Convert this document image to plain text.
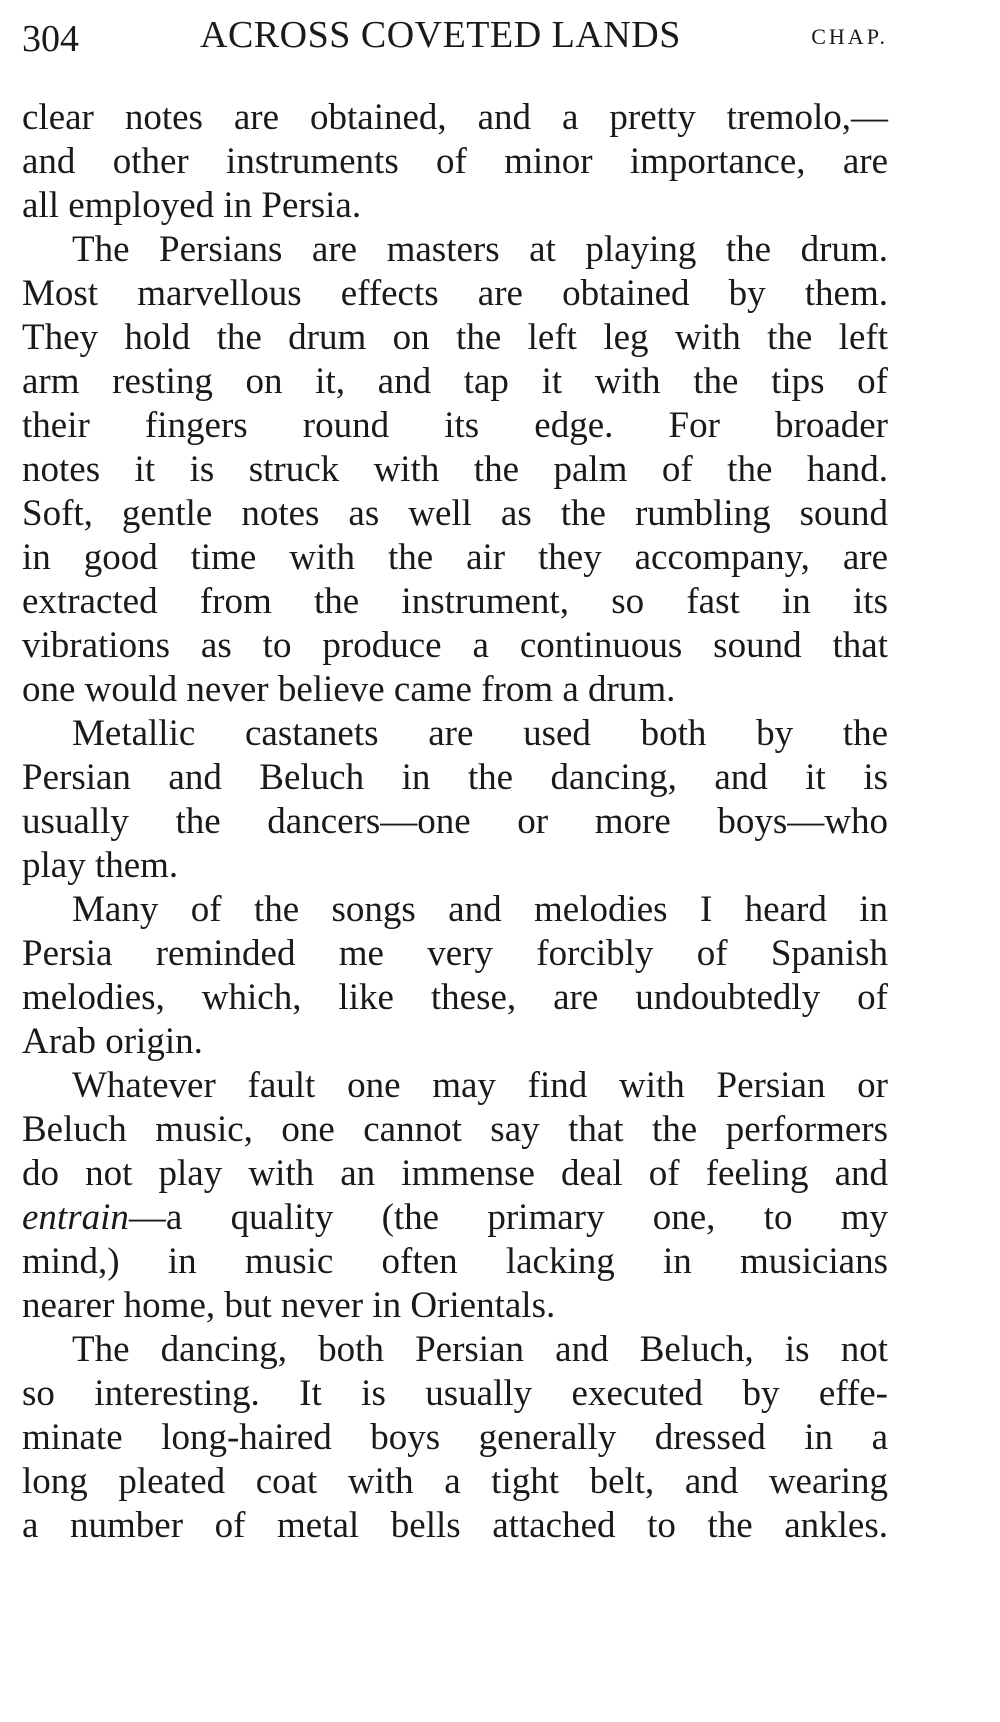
304	ACROSS COVETED LANDS	CHAP.
clear notes are obtained, and a pretty tremolo,—
and other instruments of minor importance, are
all employed in Persia.
The Persians are masters at playing the drum.
Most marvellous effects are obtained by them.
They hold the drum on the left leg with the left
arm resting on it, and tap it with the tips of
their fingers round its edge. For broader
notes it is struck with the palm of the hand.
Soft, gentle notes as well as the rumbling sound
in good time with the air they accompany, are
extracted from the instrument, so fast in its
vibrations as to produce a continuous sound that
one would never believe came from a drum.
Metallic castanets are used both by the
Persian and Beluch in the dancing, and it is
usually the dancers—one or more boys—who
play them.
Many of the songs and melodies I heard in
Persia reminded me very forcibly of Spanish
melodies, which, like these, are undoubtedly of
Arab origin.
Whatever fault one may find with Persian or
Beluch music, one cannot say that the performers
do not play with an immense deal of feeling and
entrain—a quality (the primary one, to my
mind,) in music often lacking in musicians
nearer home, but never in Orientals.
The dancing, both Persian and Beluch, is not
so interesting. It is usually executed by effe-
minate long-haired boys generally dressed in a
long pleated coat with a tight belt, and wearing
a number of metal bells attached to the ankles.
